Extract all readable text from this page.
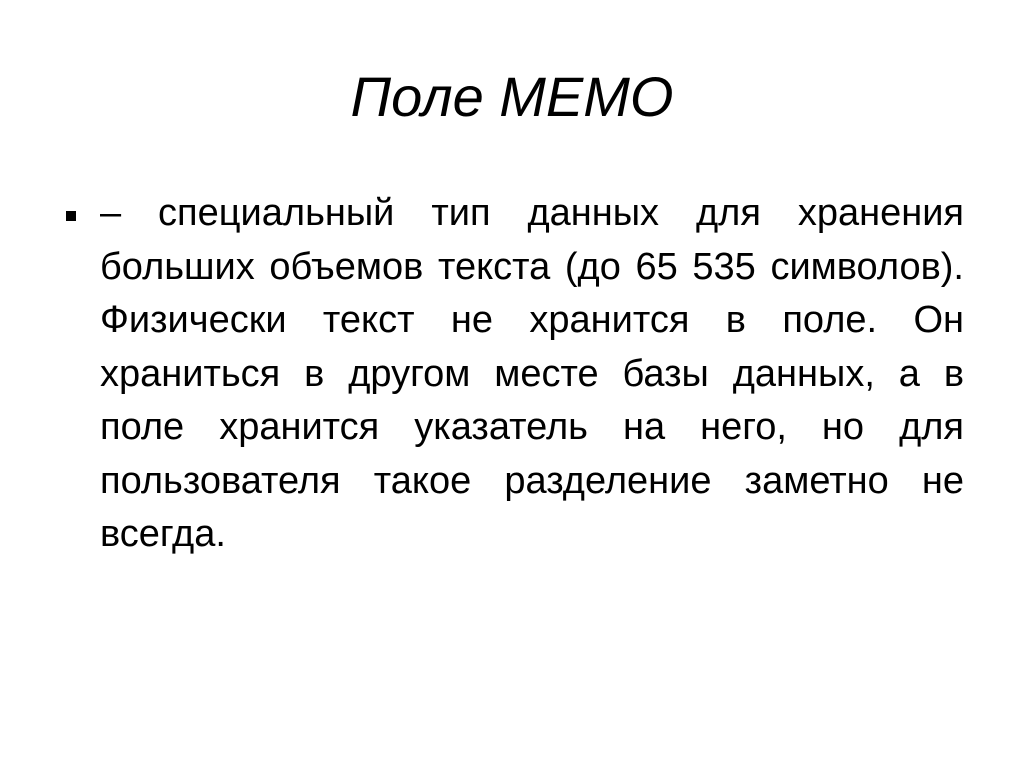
Поле MEMO
– специальный тип данных для хранения больших объемов текста (до 65 535 символов). Физически текст не хранится в поле. Он храниться в другом месте базы данных, а в поле хранится указатель на него, но для пользователя такое разделение заметно не всегда.
